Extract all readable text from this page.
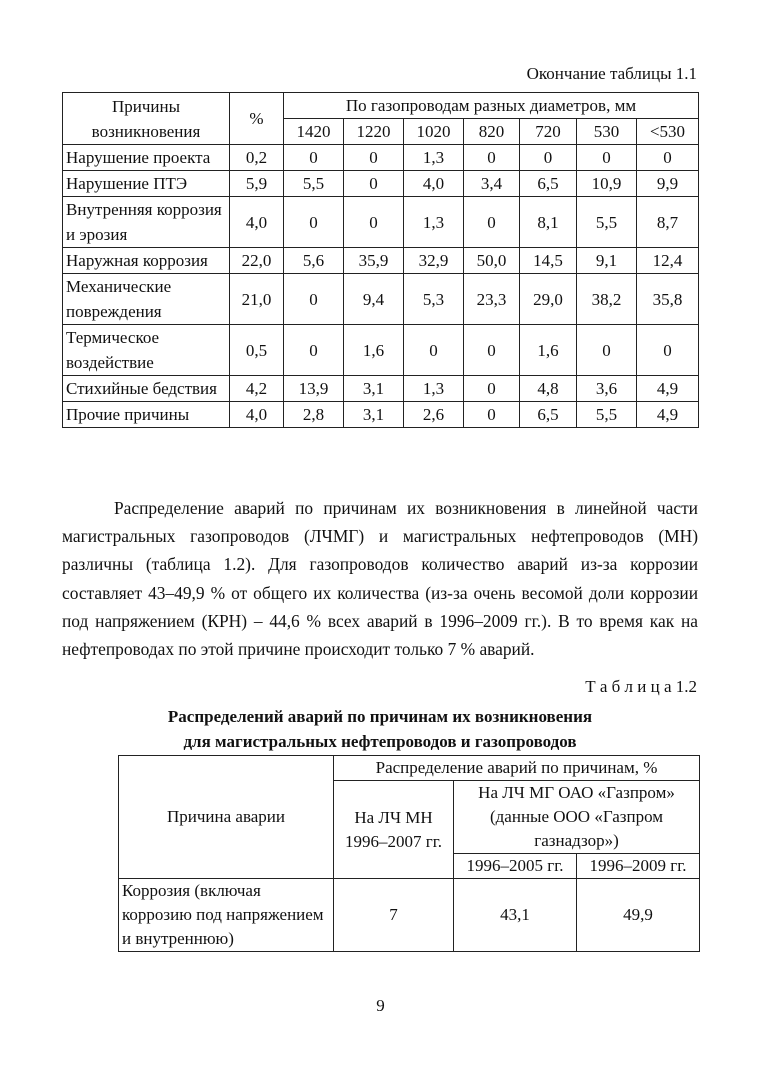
Окончание таблицы 1.1
Причины возникновения	%	По газопроводам разных диаметров, мм						
		1420	1220	1020	820	720	530	<530
Нарушение проекта	0,2	0	0	1,3	0	0	0	0
Нарушение ПТЭ	5,9	5,5	0	4,0	3,4	6,5	10,9	9,9
Внутренняя коррозия и эрозия	4,0	0	0	1,3	0	8,1	5,5	8,7
Наружная коррозия	22,0	5,6	35,9	32,9	50,0	14,5	9,1	12,4
Механические повреждения	21,0	0	9,4	5,3	23,3	29,0	38,2	35,8
Термическое воздействие	0,5	0	1,6	0	0	1,6	0	0
Стихийные бедствия	4,2	13,9	3,1	1,3	0	4,8	3,6	4,9
Прочие причины	4,0	2,8	3,1	2,6	0	6,5	5,5	4,9
Распределение аварий по причинам их возникновения в линейной части магистральных газопроводов (ЛЧМГ) и магистральных нефтепроводов (МН) различны (таблица 1.2). Для газопроводов количество аварий из-за коррозии составляет 43–49,9 % от общего их количества (из-за очень весомой доли коррозии под напряжением (КРН) – 44,6 % всех аварий в 1996–2009 гг.). В то время как на нефтепроводах по этой причине происходит только 7 % аварий.
Т а б л и ц а 1.2
Распределений аварий по причинам их возникновения
для магистральных нефтепроводов и газопроводов
Причина аварии	Распределение аварий по причинам, %		
	На ЛЧ МН 1996–2007 гг.	На ЛЧ МГ ОАО «Газпром» (данные ООО «Газпром газнадзор»)	
		1996–2005 гг.	1996–2009 гг.
Коррозия (включая коррозию под напряжением и внутреннюю)	7	43,1	49,9
9
